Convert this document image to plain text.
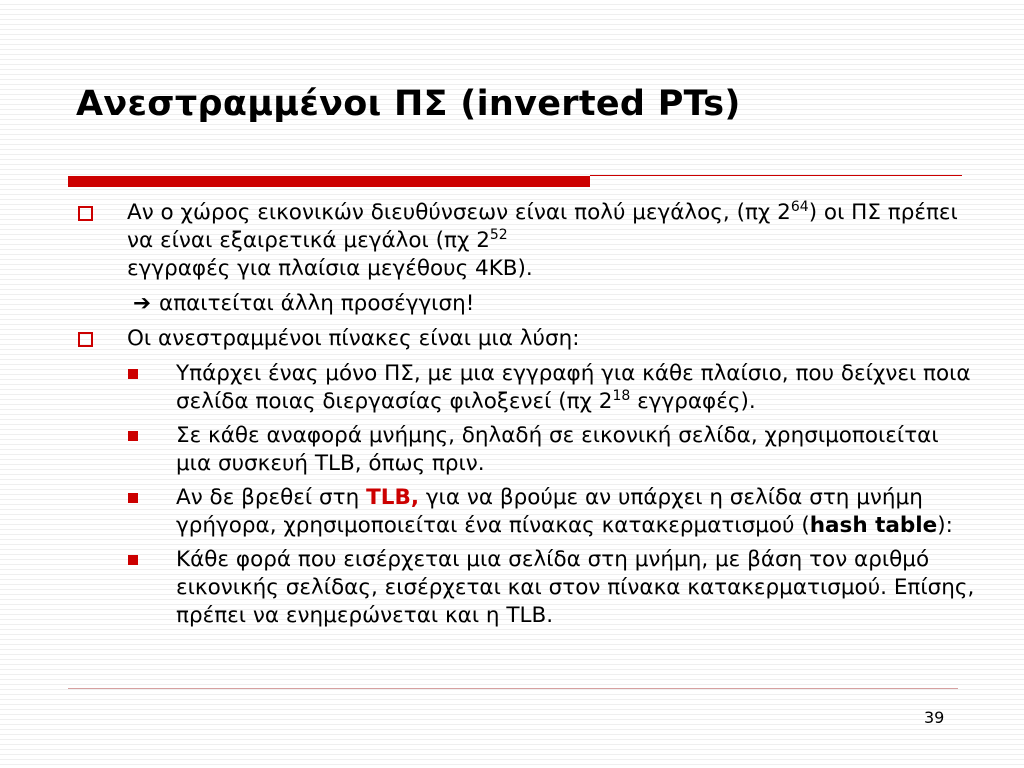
Ανεστραμμένοι ΠΣ (inverted PTs)
Αν ο χώρος εικονικών διευθύνσεων είναι πολύ μεγάλος, (πχ $2^{64}$) οι ΠΣ πρέπει να είναι εξαιρετικά μεγάλοι (πχ $2^{52}$
εγγραφές για πλαίσια μεγέθους 4KB).
➔ απαιτείται άλλη προσέγγιση!
Οι ανεστραμμένοι πίνακες είναι μια λύση:
Υπάρχει ένας μόνο ΠΣ, με μια εγγραφή για κάθε πλαίσιο, που δείχνει ποια σελίδα ποιας διεργασίας φιλοξενεί (πχ $2^{18}$ εγγραφές).
Σε κάθε αναφορά μνήμης, δηλαδή σε εικονική σελίδα, χρησιμοποιείται μια συσκευή TLB, όπως πριν.
Αν δε βρεθεί στη TLB, για να βρούμε αν υπάρχει η σελίδα στη μνήμη γρήγορα, χρησιμοποιείται ένα πίνακας κατακερματισμού (hash table):
Κάθε φορά που εισέρχεται μια σελίδα στη μνήμη, με βάση τον αριθμό εικονικής σελίδας, εισέρχεται και στον πίνακα κατακερματισμού. Επίσης, πρέπει να ενημερώνεται και η TLB.
39
